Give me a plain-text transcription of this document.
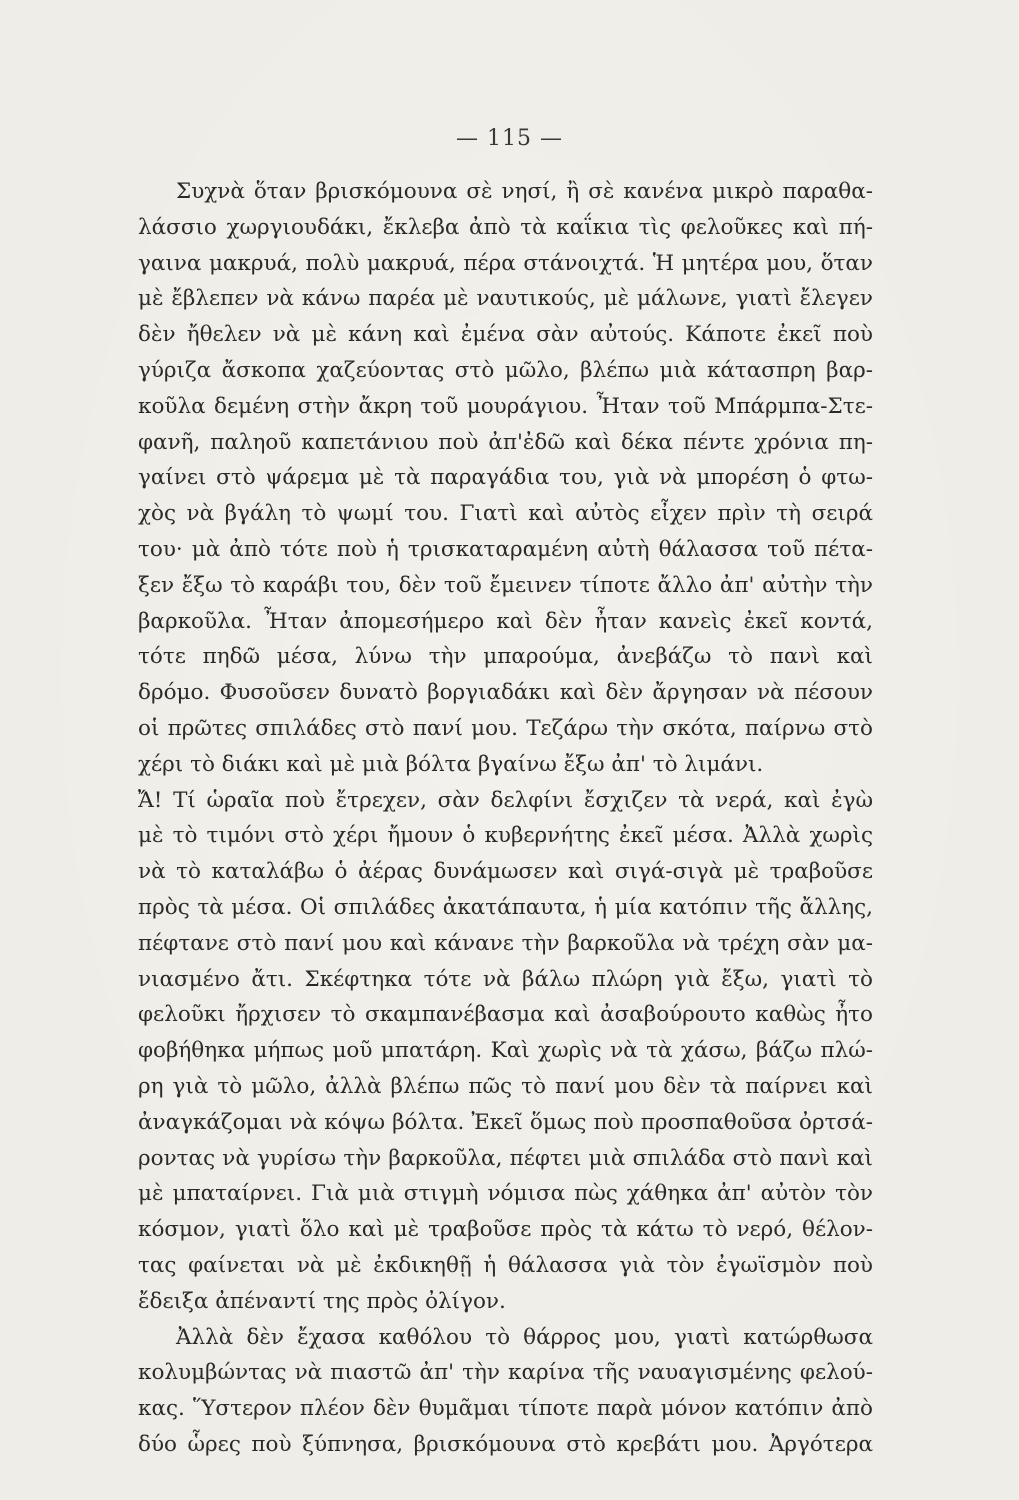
— 115 —
Συχνὰ ὅταν βρισκόμουνα σὲ νησί, ἢ σὲ κανένα μικρὸ παραθα-
λάσσιο χωργιουδάκι, ἔκλεβα ἀπὸ τὰ καΐκια τὶς φελοῦκες καὶ πή-
γαινα μακρυά, πολὺ μακρυά, πέρα στάνοιχτά. Ἡ μητέρα μου, ὅταν
μὲ ἔβλεπεν νὰ κάνω παρέα μὲ ναυτικούς, μὲ μάλωνε, γιατὶ ἔλεγεν
δὲν ἤθελεν νὰ μὲ κάνη καὶ ἐμένα σὰν αὐτούς. Κάποτε ἐκεῖ ποὺ
γύριζα ἄσκοπα χαζεύοντας στὸ μῶλο, βλέπω μιὰ κάτασπρη βαρ-
κοῦλα δεμένη στὴν ἄκρη τοῦ μουράγιου. Ἦταν τοῦ Μπάρμπα-Στε-
φανῆ, παληοῦ καπετάνιου ποὺ ἀπ'ἐδῶ καὶ δέκα πέντε χρόνια πη-
γαίνει στὸ ψάρεμα μὲ τὰ παραγάδια του, γιὰ νὰ μπορέση ὁ φτω-
χὸς νὰ βγάλη τὸ ψωμί του. Γιατὶ καὶ αὐτὸς εἶχεν πρὶν τὴ σειρά
του· μὰ ἀπὸ τότε ποὺ ἡ τρισκαταραμένη αὐτὴ θάλασσα τοῦ πέτα-
ξεν ἔξω τὸ καράβι του, δὲν τοῦ ἔμεινεν τίποτε ἄλλο ἀπ' αὐτὴν τὴν
βαρκοῦλα. Ἦταν ἀπομεσήμερο καὶ δὲν ἦταν κανεὶς ἐκεῖ κοντά,
τότε πηδῶ μέσα, λύνω τὴν μπαρούμα, ἀνεβάζω τὸ πανὶ καὶ
δρόμο. Φυσοῦσεν δυνατὸ βοργιαδάκι καὶ δὲν ἄργησαν νὰ πέσουν
οἱ πρῶτες σπιλάδες στὸ πανί μου. Τεζάρω τὴν σκότα, παίρνω στὸ
χέρι τὸ διάκι καὶ μὲ μιὰ βόλτα βγαίνω ἔξω ἀπ' τὸ λιμάνι.
Ἄ! Τί ὡραῖα ποὺ ἔτρεχεν, σὰν δελφίνι ἔσχιζεν τὰ νερά, καὶ ἐγὼ
μὲ τὸ τιμόνι στὸ χέρι ἤμουν ὁ κυβερνήτης ἐκεῖ μέσα. Ἀλλὰ χωρὶς
νὰ τὸ καταλάβω ὁ ἀέρας δυνάμωσεν καὶ σιγά-σιγὰ μὲ τραβοῦσε
πρὸς τὰ μέσα. Οἱ σπιλάδες ἀκατάπαυτα, ἡ μία κατόπιν τῆς ἄλλης,
πέφτανε στὸ πανί μου καὶ κάνανε τὴν βαρκοῦλα νὰ τρέχη σὰν μα-
νιασμένο ἄτι. Σκέφτηκα τότε νὰ βάλω πλώρη γιὰ ἔξω, γιατὶ τὸ
φελοῦκι ἤρχισεν τὸ σκαμπανέβασμα καὶ ἀσαβούρουτο καθὼς ἦτο
φοβήθηκα μήπως μοῦ μπατάρη. Καὶ χωρὶς νὰ τὰ χάσω, βάζω πλώ-
ρη γιὰ τὸ μῶλο, ἀλλὰ βλέπω πῶς τὸ πανί μου δὲν τὰ παίρνει καὶ
ἀναγκάζομαι νὰ κόψω βόλτα. Ἐκεῖ ὅμως ποὺ προσπαθοῦσα ὀρτσά-
ροντας νὰ γυρίσω τὴν βαρκοῦλα, πέφτει μιὰ σπιλάδα στὸ πανὶ καὶ
μὲ μπαταίρνει. Γιὰ μιὰ στιγμὴ νόμισα πὼς χάθηκα ἀπ' αὐτὸν τὸν
κόσμον, γιατὶ ὅλο καὶ μὲ τραβοῦσε πρὸς τὰ κάτω τὸ νερό, θέλον-
τας φαίνεται νὰ μὲ ἐκδικηθῇ ἡ θάλασσα γιὰ τὸν ἐγωϊσμὸν ποὺ
ἔδειξα ἀπέναντί της πρὸς ὀλίγον.
Ἀλλὰ δὲν ἔχασα καθόλου τὸ θάρρος μου, γιατὶ κατώρθωσα
κολυμβώντας νὰ πιαστῶ ἀπ' τὴν καρίνα τῆς ναυαγισμένης φελού-
κας. Ὕστερον πλέον δὲν θυμᾶμαι τίποτε παρὰ μόνον κατόπιν ἀπὸ
δύο ὧρες ποὺ ξύπνησα, βρισκόμουνα στὸ κρεβάτι μου. Ἀργότερα
